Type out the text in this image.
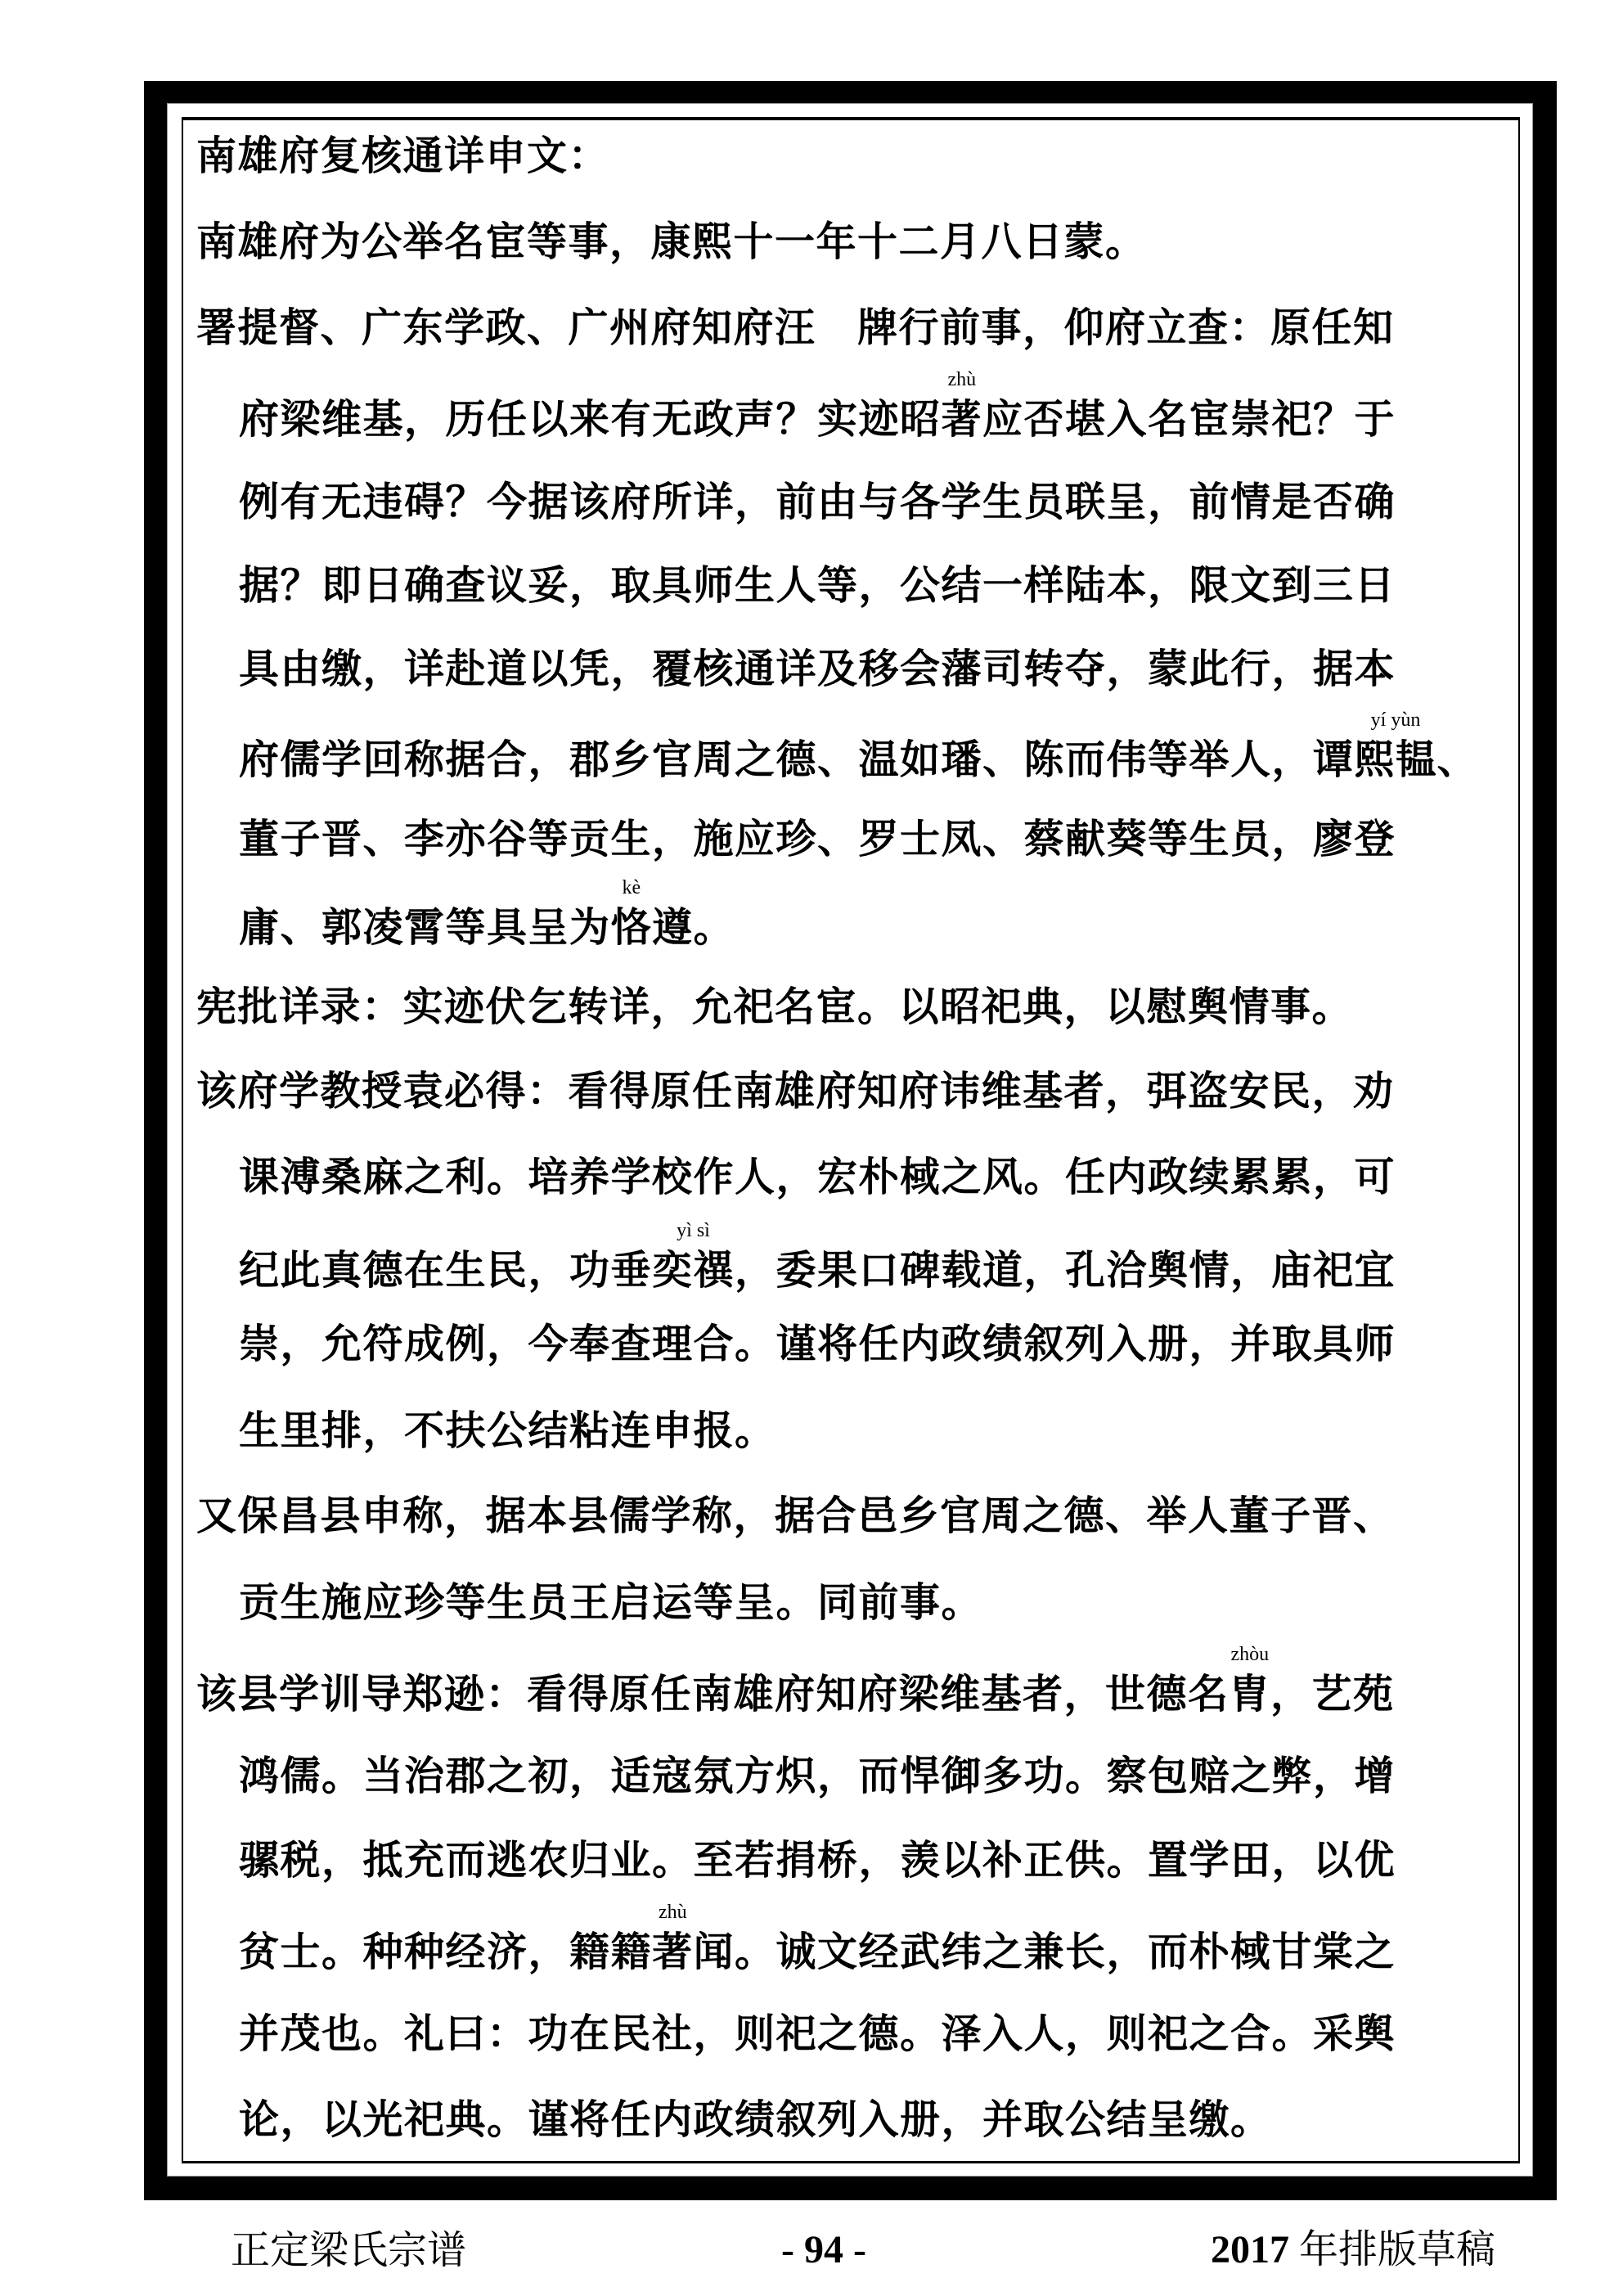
南雄府复核通详申文：
南雄府为公举名宦等事，康熙十一年十二月八日蒙。
署提督、广东学政、广州府知府汪　牌行前事，仰府立查：原任知
府梁维基，历任以来有无政声？实迹昭
zhù
著应否堪入名宦崇祀？于
例有无违碍？今据该府所详，前由与各学生员联呈，前情是否确
据？即日确查议妥，取具师生人等，公结一样陆本，限文到三日
具由缴，详赴道以凭，覆核通详及移会藩司转夺，蒙此行，据本
府儒学回称据合，郡乡官周之德、温如璠、陈而伟等举人，谭
yí yùn
熙韫、
董子晋、李亦谷等贡生，施应珍、罗士凤、蔡献葵等生员，廖登
庸、郭凌霄等具呈为
kè
恪遵。
宪批详录：实迹伏乞转详，允祀名宦。以昭祀典，以慰舆情事。
该府学教授袁必得：看得原任南雄府知府讳维基者，弭盗安民，劝
课溥桑麻之利。培养学校作人，宏朴棫之风。任内政续累累，可
纪此真德在生民，功垂
yì sì
奕禩，委果口碑载道，孔洽舆情，庙祀宜
崇，允符成例，今奉查理合。谨将任内政绩叙列入册，并取具师
生里排，不扶公结粘连申报。
又保昌县申称，据本县儒学称，据合邑乡官周之德、举人董子晋、
贡生施应珍等生员王启运等呈。同前事。
该县学训导郑逊：看得原任南雄府知府梁维基者，世德名
zhòu
胄，艺苑
鸿儒。当治郡之初，适寇氛方炽，而悍御多功。察包赔之弊，增
骡税，抵充而逃农归业。至若捐桥，羡以补正供。置学田，以优
贫士。种种经济，籍籍
zhù
著闻。诚文经武纬之兼长，而朴棫甘棠之
并茂也。礼曰：功在民社，则祀之德。泽入人，则祀之合。采舆
论，以光祀典。谨将任内政绩叙列入册，并取公结呈缴。
正定梁氏宗谱	- 94 -	2017 年排版草稿
